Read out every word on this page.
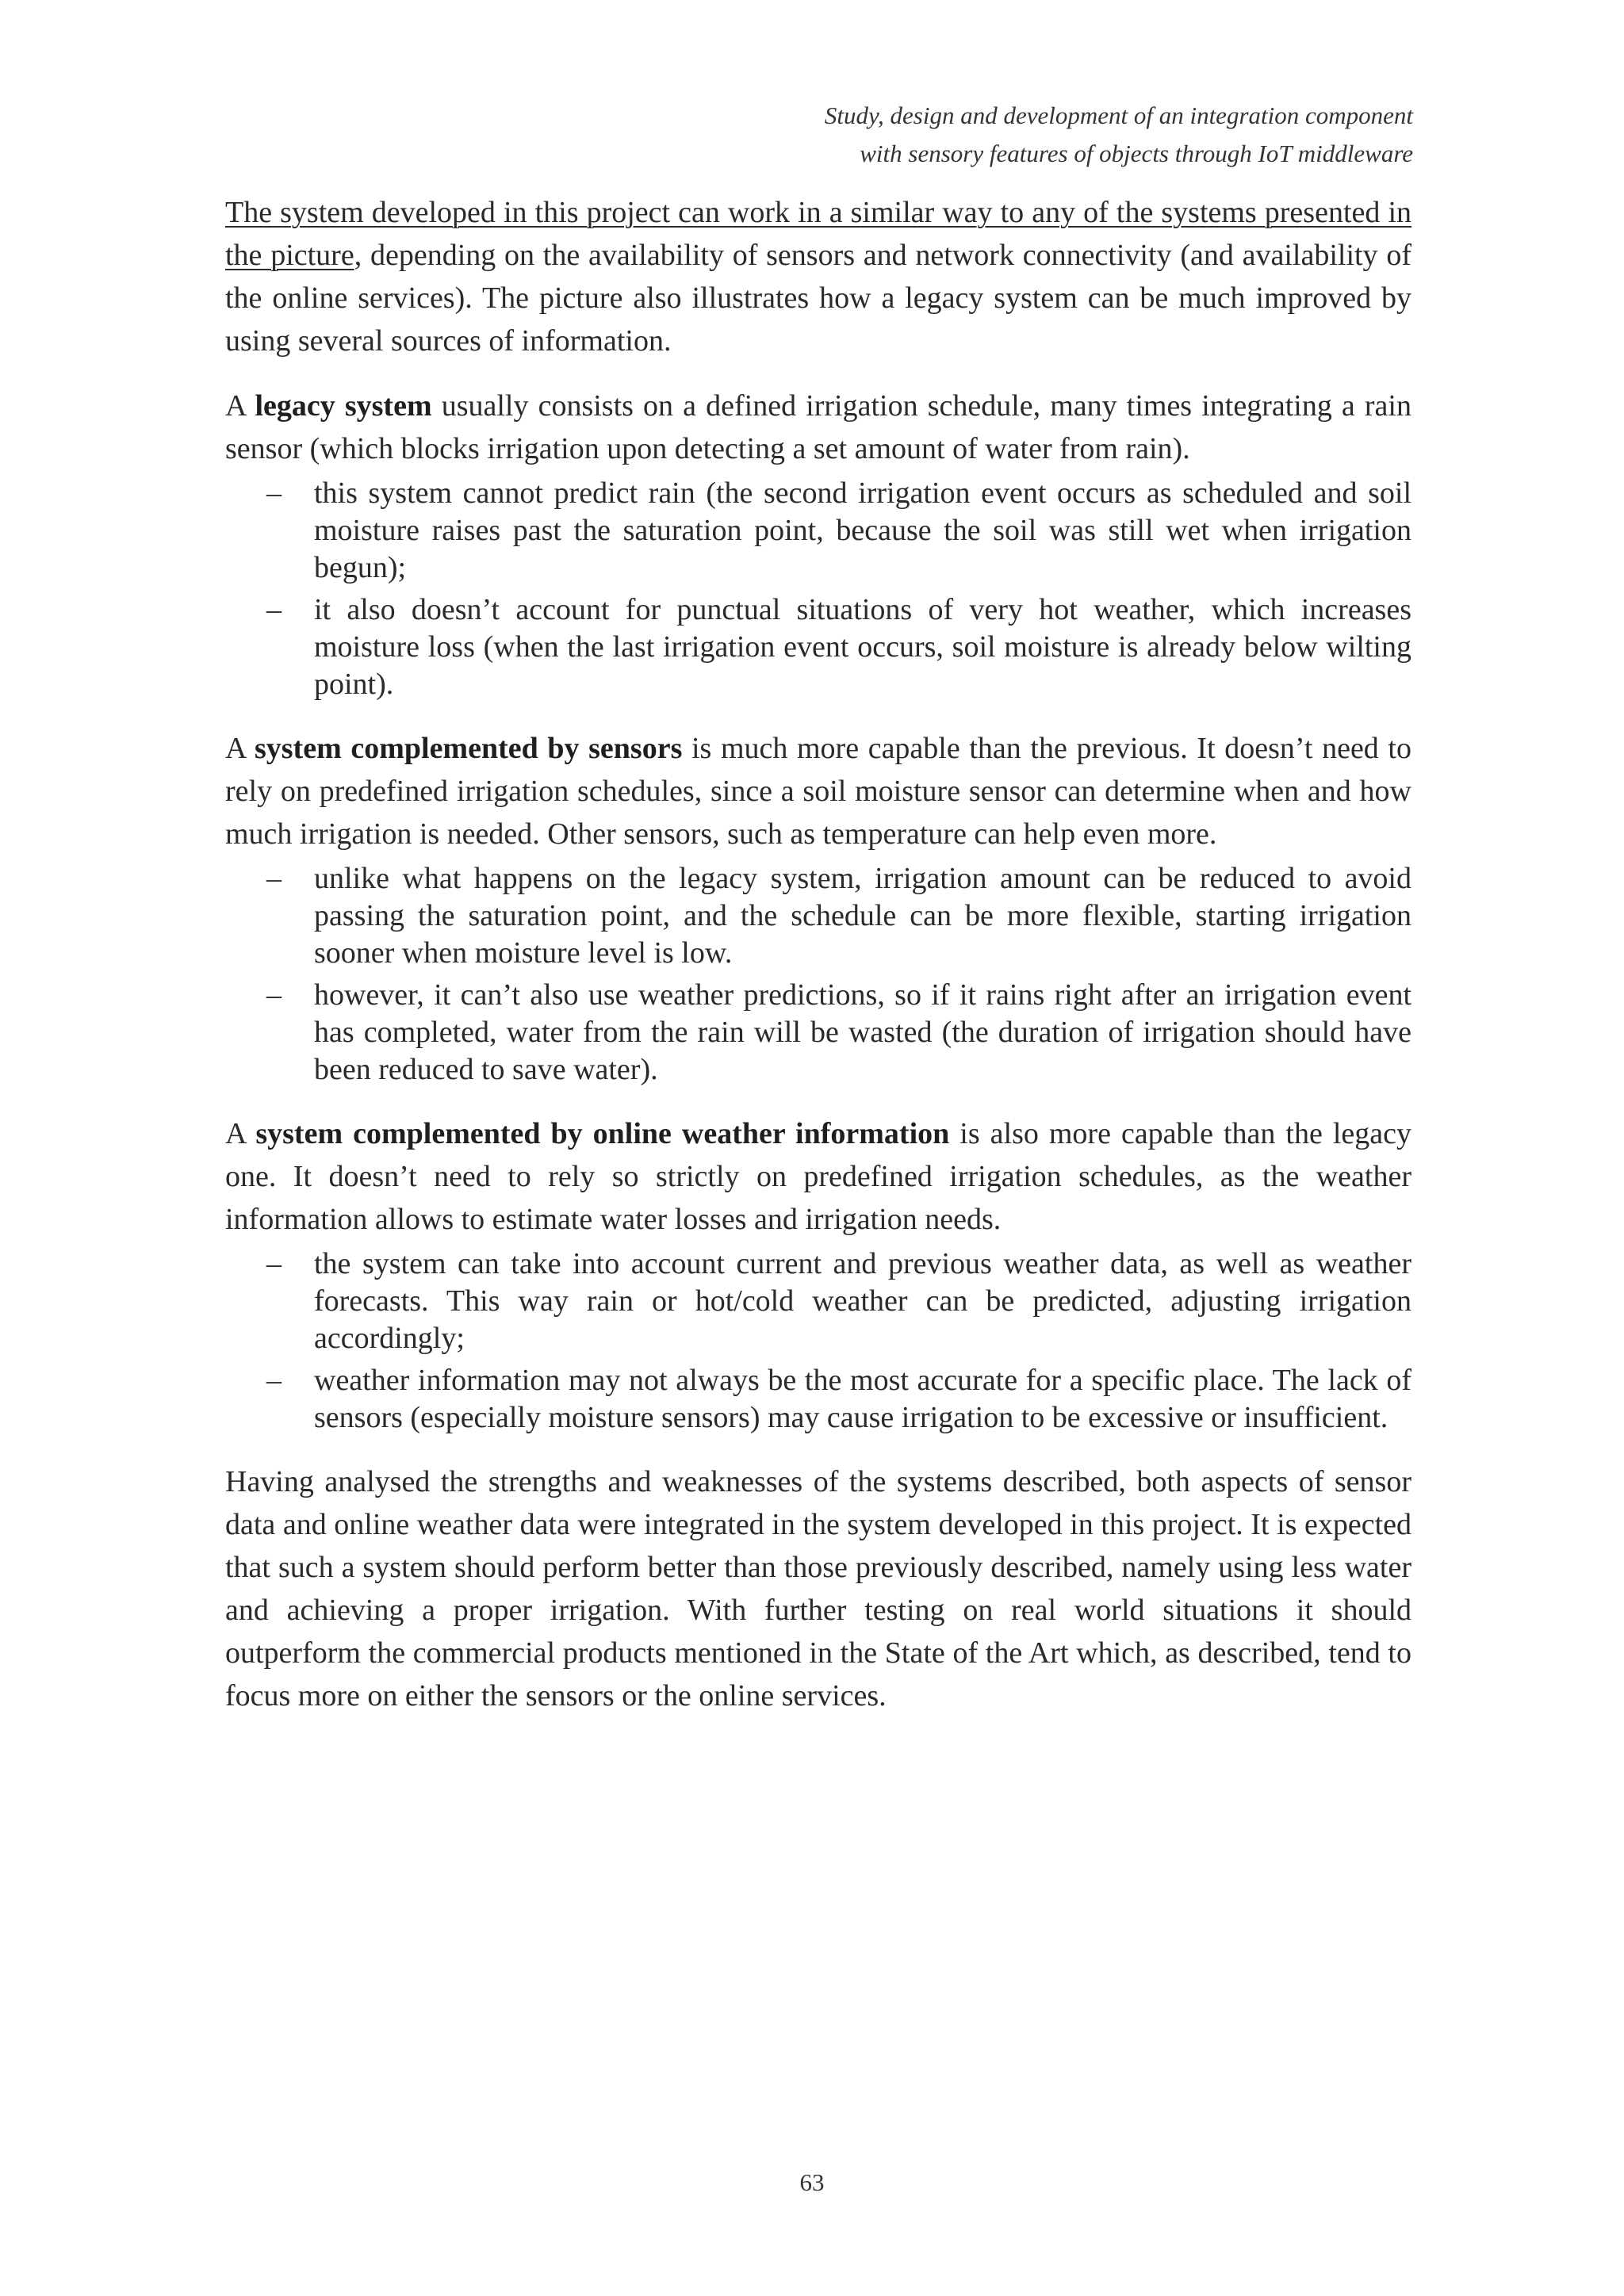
Study, design and development of an integration component
with sensory features of objects through IoT middleware

The system developed in this project can work in a similar way to any of the systems presented in the picture, depending on the availability of sensors and network connectivity (and availability of the online services). The picture also illustrates how a legacy system can be much improved by using several sources of information.

A legacy system usually consists on a defined irrigation schedule, many times integrating a rain sensor (which blocks irrigation upon detecting a set amount of water from rain).

– this system cannot predict rain (the second irrigation event occurs as scheduled and soil moisture raises past the saturation point, because the soil was still wet when irrigation begun);
– it also doesn’t account for punctual situations of very hot weather, which increases moisture loss (when the last irrigation event occurs, soil moisture is already below wilting point).

A system complemented by sensors is much more capable than the previous. It doesn’t need to rely on predefined irrigation schedules, since a soil moisture sensor can determine when and how much irrigation is needed. Other sensors, such as temperature can help even more.

– unlike what happens on the legacy system, irrigation amount can be reduced to avoid passing the saturation point, and the schedule can be more flexible, starting irrigation sooner when moisture level is low.
– however, it can’t also use weather predictions, so if it rains right after an irrigation event has completed, water from the rain will be wasted (the duration of irrigation should have been reduced to save water).

A system complemented by online weather information is also more capable than the legacy one. It doesn’t need to rely so strictly on predefined irrigation schedules, as the weather information allows to estimate water losses and irrigation needs.

– the system can take into account current and previous weather data, as well as weather forecasts. This way rain or hot/cold weather can be predicted, adjusting irrigation accordingly;
– weather information may not always be the most accurate for a specific place. The lack of sensors (especially moisture sensors) may cause irrigation to be excessive or insufficient.

Having analysed the strengths and weaknesses of the systems described, both aspects of sensor data and online weather data were integrated in the system developed in this project. It is expected that such a system should perform better than those previously described, namely using less water and achieving a proper irrigation. With further testing on real world situations it should outperform the commercial products mentioned in the State of the Art which, as described, tend to focus more on either the sensors or the online services.

63
